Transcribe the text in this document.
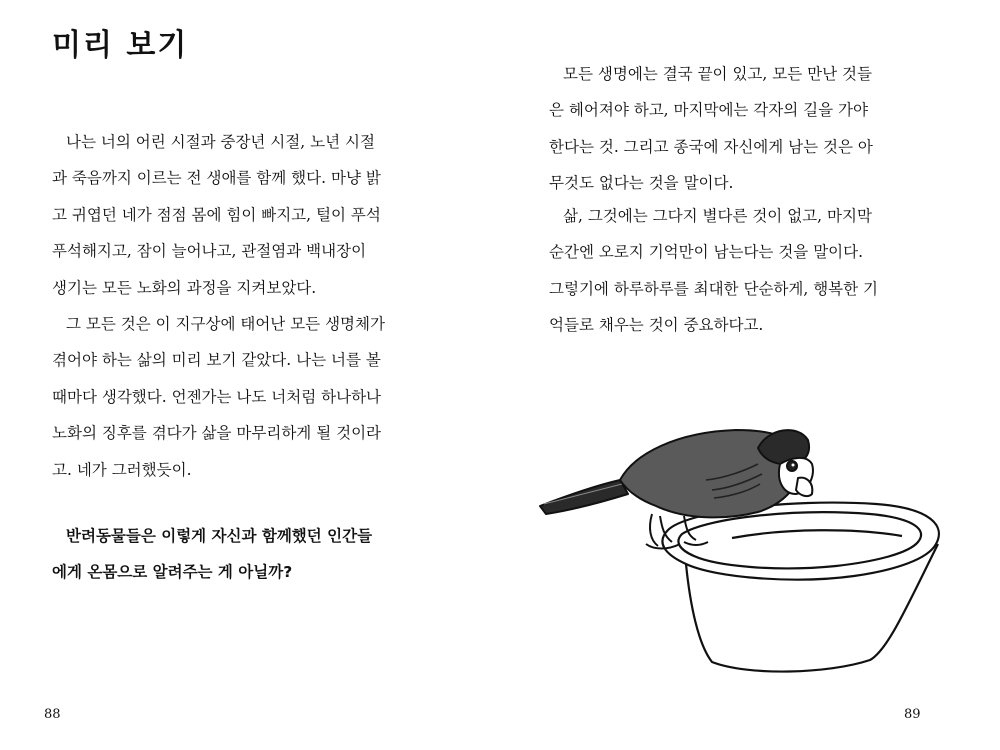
미리 보기

나는 너의 어린 시절과 중장년 시절, 노년 시절
과 죽음까지 이르는 전 생애를 함께 했다. 마냥 밝
고 귀엽던 네가 점점 몸에 힘이 빠지고, 털이 푸석
푸석해지고, 잠이 늘어나고, 관절염과 백내장이
생기는 모든 노화의 과정을 지켜보았다.

그 모든 것은 이 지구상에 태어난 모든 생명체가
겪어야 하는 삶의 미리 보기 같았다. 나는 너를 볼
때마다 생각했다. 언젠가는 나도 너처럼 하나하나
노화의 징후를 겪다가 삶을 마무리하게 될 것이라
고. 네가 그러했듯이.

반려동물들은 이렇게 자신과 함께했던 인간들
에게 온몸으로 알려주는 게 아닐까?

88

모든 생명에는 결국 끝이 있고, 모든 만난 것들
은 헤어져야 하고, 마지막에는 각자의 길을 가야
한다는 것. 그리고 종국에 자신에게 남는 것은 아
무것도 없다는 것을 말이다.

삶, 그것에는 그다지 별다른 것이 없고, 마지막
순간엔 오로지 기억만이 남는다는 것을 말이다.
그렇기에 하루하루를 최대한 단순하게, 행복한 기
억들로 채우는 것이 중요하다고.

89
